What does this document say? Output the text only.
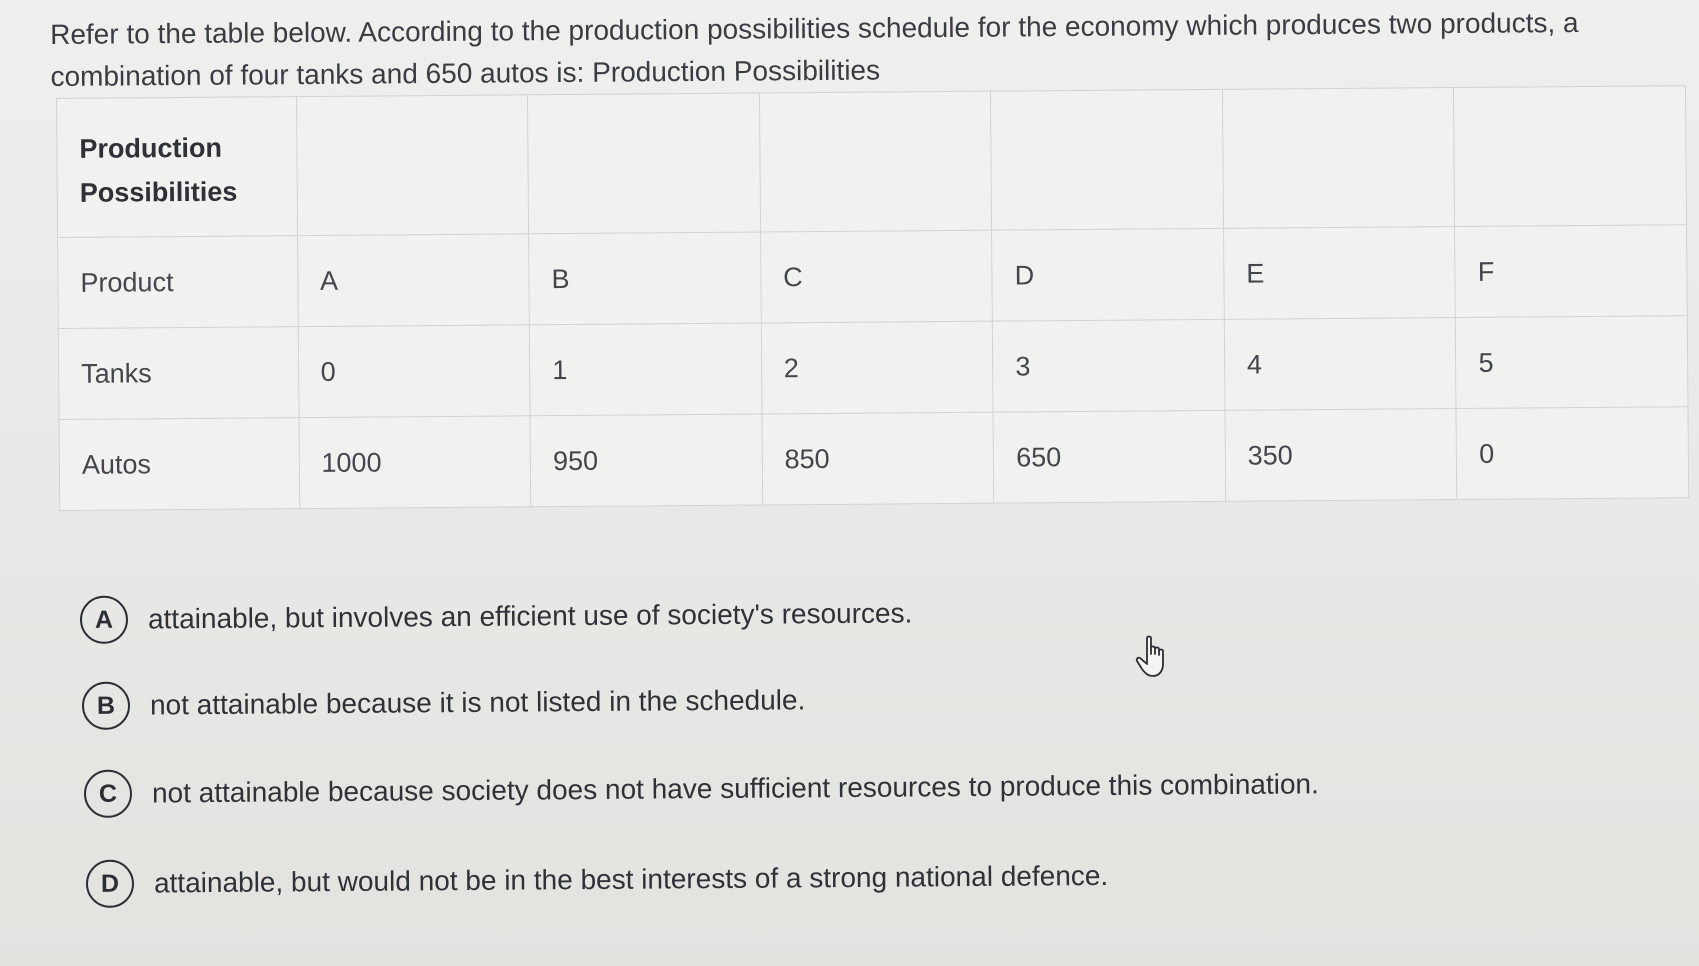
Refer to the table below. According to the production possibilities schedule for the economy which produces two products, a
combination of four tanks and 650 autos is: Production Possibilities
Production Possibilities						
Product	A	B	C	D	E	F
Tanks	0	1	2	3	4	5
Autos	1000	950	850	650	350	0
A	attainable, but involves an efficient use of society's resources.
B	not attainable because it is not listed in the schedule.
C	not attainable because society does not have sufficient resources to produce this combination.
D	attainable, but would not be in the best interests of a strong national defence.
